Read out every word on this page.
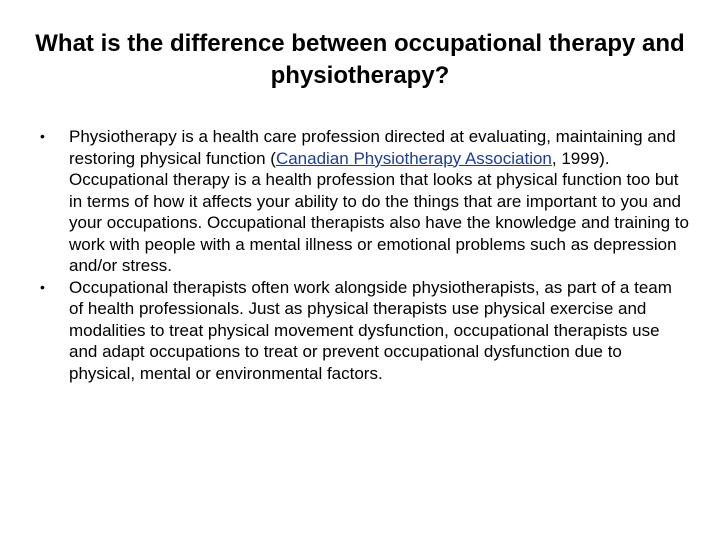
What is the difference between occupational therapy and physiotherapy?
•	Physiotherapy is a health care profession directed at evaluating, maintaining and restoring physical function (Canadian Physiotherapy Association, 1999). Occupational therapy is a health profession that looks at physical function too but in terms of how it affects your ability to do the things that are important to you and your occupations. Occupational therapists also have the knowledge and training to work with people with a mental illness or emotional problems such as depression and/or stress.
•	Occupational therapists often work alongside physiotherapists, as part of a team of health professionals. Just as physical therapists use physical exercise and modalities to treat physical movement dysfunction, occupational therapists use and adapt occupations to treat or prevent occupational dysfunction due to physical, mental or environmental factors.
